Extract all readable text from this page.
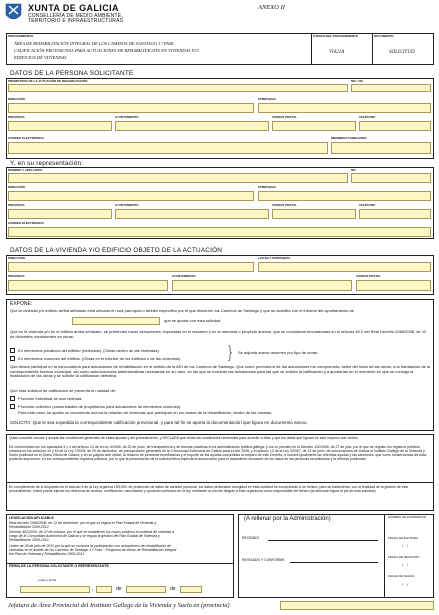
XUNTA DE GALICIA
CONSELLERÍA DE MEDIO AMBIENTE,
TERRITORIO E INFRAESTRUCTURAS
ANEXO II
PROCEDIMIENTO
ÁREA DE REHABILITACIÓN INTEGRAL DE LOS CAMINOS DE SANTIAGO 1.ª FASE
CALIFICACIÓN PROVISIONAL PARA ACTUACIONES DE REHABILITACIÓN EN VIVIENDAS Y/O
EDIFICIOS DE VIVIENDAS
CÓDIGO DEL PROCEDIMIENTO
VI421A
DOCUMENTO
SOLICITUD
DATOS DE LA PERSONA SOLICITANTE
PROMOTORA DE LA ACTUACIÓN DE REHABILITACIÓN	NIF / CIF
DIRECCIÓN	PARROQUIA
PROVINCIA	AYUNTAMIENTO	CÓDIGO POSTAL	TELÉFONO
CORREO ELECTRÓNICO	MIEMBROS FAMILIARES
Y, en su representación:
NOMBRE Y APELLIDOS	NIF
DIRECCIÓN	PARROQUIA
PROVINCIA	AYUNTAMIENTO	CÓDIGO POSTAL	TELÉFONO
CORREO ELECTRÓNICO
DATOS DE LA VIVIENDA Y/O EDIFICIO OBJETO DE LA ACTUACIÓN
DIRECCIÓN	LUGAR Y PARROQUIA
PROVINCIA	AYUNTAMIENTO	CÓDIGO POSTAL
EXPONE:
Que la vivienda y/o edificio arriba señalado está ubicado en una parroquia o ámbito específico por el que discurren los Caminos de Santiago y que se acredita con el informe del ayuntamiento de
que se aporta con esta solicitud.
Que en la vivienda y/o en el edificio arriba señalado, se pretenden hacer actuaciones, expuestas en el resumen y en la memoria o proyecto anexos, que se consideran encuadradas en el artículo 45.2 del Real Decreto 2066/2008, de 12 de diciembre consistentes en obras:
En elementos privativos del edificio (viviendas). (Obras dentro de las viviendas).
En elementos comunes del edificio. (Obras en el exterior de los edificios o de las viviendas).
Se adjunta anexo-resumen por tipo de obras.
Que desea participar en la convocatoria para actuaciones de rehabilitación en el ámbito de la ARI de los Caminos de Santiago. Que como promotor/a de las actuaciones me comprometo, antes del inicio de las obras, a la tramitación de la correspondiente licencia municipal, así como autorizaciones administrativas necesarias en su caso, en las que se incluirán las actuaciones para las que se solicita la calificación y a aportarlas en el momento en que se consiga la finalización de las obras y se solicite la calificación definitiva.
Que esta solicitud de calificación se presenta en calidad de:
Promotor individual de una vivienda.
Promotor colectivo (comunidades de propietarios para actuaciones de elementos comunes).
Para este caso, se aporta un documento acerca la relación de viviendas que participan en los costes de la rehabilitación, dentro de las mismas.
SOLICITA: Que le sea expedida la correspondiente calificación provisional, y para tal fin se aporta la documentación que figura en documento anexo.
Quien suscribe conoce y acepta las condiciones generales de estas ayudas y del procedimiento, y DECLARA que reúne las condiciones necesarias para acceder a ellas y que los datos que figuran en este impreso son ciertos.
De conformidad con los apartados 3 y 4 del artículo 13 de la Ley 4/2006, de 30 de junio, de transparencia y de buenas prácticas en la administración pública gallega; y con lo previsto en el Decreto 132/2006, de 27 de julio, por el que se regulan los registros públicos creados en los artículos 44 y 45 de la Ley 7/2005, de 29 de diciembre, de presupuestos generales de la Comunidad Autónoma de Galicia para el año 2006, y el artículo 13 de la Ley 9/2007, de 13 de junio, de subvenciones de Galicia el Instituto Gallego de la Vivienda y Suelo publicará en el Diario Oficial de Galicia, y en su página web oficial, la relación de personas beneficiarias y el importe de las ayudas concedidas al amparo de este Decreto, e incluirá igualmente las referidas ayudas y las sanciones, que como consecuencia de ellas pudieran imponerse, en los correspondientes registros públicos, por lo que la presentación de la solicitud lleva implícita la autorización para el tratamiento necesario de los datos de las personas beneficiarias y la referida publicidad.
En cumplimiento de lo dispuesto en el artículo 5 de la Ley orgánica 15/1999, de protección de datos de carácter personal, los datos personales recogidos en esta solicitud se incorporarán a un fichero, para su tratamiento, con la finalidad de la gestión de este procedimiento. Usted puede ejercer los derechos de acceso, rectificación, cancelación y oposición previstos en la ley, mediante un escrito dirigido a este organismo como responsable del fichero (la dirección figura al pie de esta solicitud).
LEGISLACIÓN APLICABLE
Real decreto 2066/2008, de 12 de diciembre, por el que se regula el Plan Estatal de Vivienda y Rehabilitación 2009-2012.
Decreto 402/2009, de 22 de octubre, por el que se establecen los cupos públicos en materia de vivienda a cargo de la Comunidad Autónoma de Galicia y se regula la gestión del Plan Estatal de Vivienda y Rehabilitación 2009-2012.
Orden de 29 de julio de 2011 por la que se convoca la participación con actuaciones de rehabilitación de viviendas en el ámbito de los Caminos de Santiago 1.ª Fase - Programa de Áreas de Rehabilitación Integral del Plan de Vivienda y Rehabilitación 2009-2012.
FIRMA DE LA PERSONA SOLICITANTE O REPRESENTANTE
Lugar y fecha
,	de	de
(A rellenar por la Administración)
RECIBIDO
REVISADO Y CONFORME
NÚMERO DE EXPEDIENTE
FECHA DE ENTRADA
/    /
FECHA DE REGISTRO
/    /
FECHA DE SALIDA
/    /
Jefatura de Área Provincial del Instituto Gallego de la Vivienda y Suelo en (provincia)
